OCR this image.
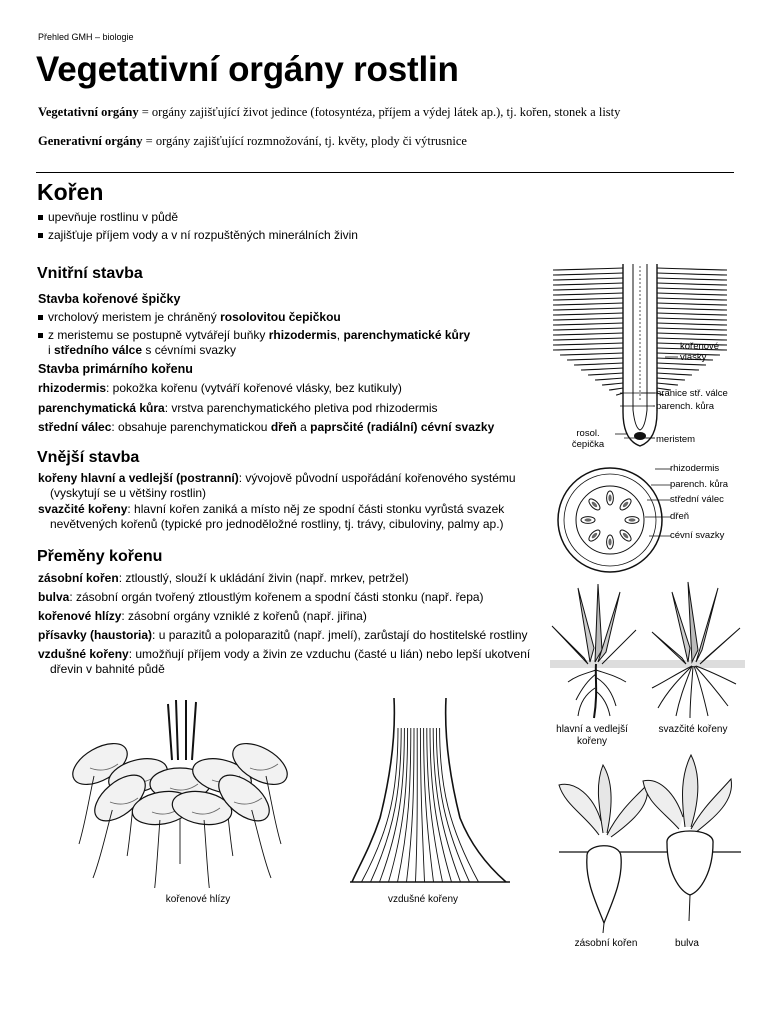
Přehled GMH – biologie
Vegetativní orgány rostlin
Vegetativní orgány = orgány zajišťující život jedince (fotosyntéza, příjem a výdej látek ap.), tj. kořen, stonek a listy
Generativní orgány = orgány zajišťující rozmnožování, tj. květy, plody či výtrusnice
Kořen
upevňuje rostlinu v půdě
zajišťuje příjem vody a v ní rozpuštěných minerálních živin
Vnitřní stavba
Stavba kořenové špičky
vrcholový meristem je chráněný rosolovitou čepičkou
z meristemu se postupně vytvářejí buňky rhizodermis, parenchymatické kůry
i středního válce s cévními svazky
Stavba primárního kořenu
rhizodermis: pokožka kořenu (vytváří kořenové vlásky, bez kutikuly)
parenchymatická kůra: vrstva parenchymatického pletiva pod rhizodermis
střední válec: obsahuje parenchymatickou dřeň a paprsčité (radiální) cévní svazky
Vnější stavba
kořeny hlavní a vedlejší (postranní): vývojově původní uspořádání kořenového systému
(vyskytují se u většiny rostlin)
svazčité kořeny: hlavní kořen zaniká a místo něj ze spodní části stonku vyrůstá svazek
nevětvených kořenů (typické pro jednoděložné rostliny, tj. trávy, cibuloviny, palmy ap.)
Přeměny kořenu
zásobní kořen: ztloustlý, slouží k ukládání živin (např. mrkev, petržel)
bulva: zásobní orgán tvořený ztloustlým kořenem a spodní části stonku (např. řepa)
kořenové hlízy: zásobní orgány vzniklé z kořenů (např. jiřina)
přísavky (haustoria): u parazitů a poloparazitů (např. jmelí), zarůstají do hostitelské rostliny
vzdušné kořeny: umožňují příjem vody a živin ze vzduchu (časté u lián) nebo lepší ukotvení
dřevin v bahnité půdě
kořenové vlásky
hranice stř. válce
parench. kůra
rosol. čepička	meristem
rhizodermis
parench. kůra
střední válec
dřeň
cévní svazky
hlavní a vedlejší kořeny
svazčité kořeny
kořenové hlízy	vzdušné kořeny
zásobní kořen	bulva
